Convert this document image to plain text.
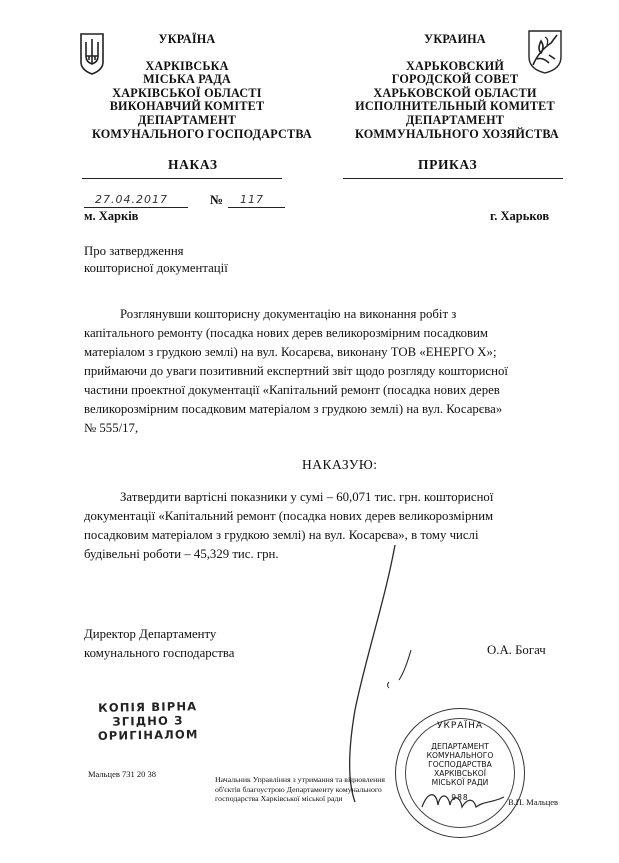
УКРАЇНА
ХАРКІВСЬКА
МІСЬКА РАДА
ХАРКІВСЬКОЇ ОБЛАСТІ
ВИКОНАВЧИЙ КОМІТЕТ
ДЕПАРТАМЕНТ
КОМУНАЛЬНОГО ГОСПОДАРСТВА
УКРАИНА
ХАРЬКОВСКИЙ
ГОРОДСКОЙ СОВЕТ
ХАРЬКОВСКОЙ ОБЛАСТИ
ИСПОЛНИТЕЛЬНЫЙ КОМИТЕТ
ДЕПАРТАМЕНТ
КОММУНАЛЬНОГО ХОЗЯЙСТВА
НАКАЗ	ПРИКАЗ
27.04.2017	№ 117
м. Харків	г. Харьков
Про затвердження
кошторисної документації
Розглянувши кошторисну документацію на виконання робіт з
капітального ремонту (посадка нових дерев великорозмірним посадковим
матеріалом з грудкою землі) на вул. Косарєва, виконану ТОВ «ЕНЕРГО Х»;
приймаючи до уваги позитивний експертний звіт щодо розгляду кошторисної
частини проектної документації «Капітальний ремонт (посадка нових дерев
великорозмірним посадковим матеріалом з грудкою землі) на вул. Косарєва»
№ 555/17,
НАКАЗУЮ:
Затвердити вартісні показники у сумі – 60,071 тис. грн. кошторисної
документації «Капітальний ремонт (посадка нових дерев великорозмірним
посадковим матеріалом з грудкою землі) на вул. Косарєва», в тому числі
будівельні роботи – 45,329 тис. грн.
Директор Департаменту
комунального господарства	О.А. Богач
КОПІЯ ВІРНА
ЗГІДНО З
ОРИГІНАЛОМ
УКРАЇНА
ДЕПАРТАМЕНТ
КОМУНАЛЬНОГО
ГОСПОДАРСТВА
ХАРКІВСЬКОЇ
МІСЬКОЇ РАДИ
988
Мальцев 731 20 38
Начальник Управління з утримання та відновлення
об'єктів благоустрою Департаменту комунального
господарства Харківської міської ради	В.П. Мальцев
